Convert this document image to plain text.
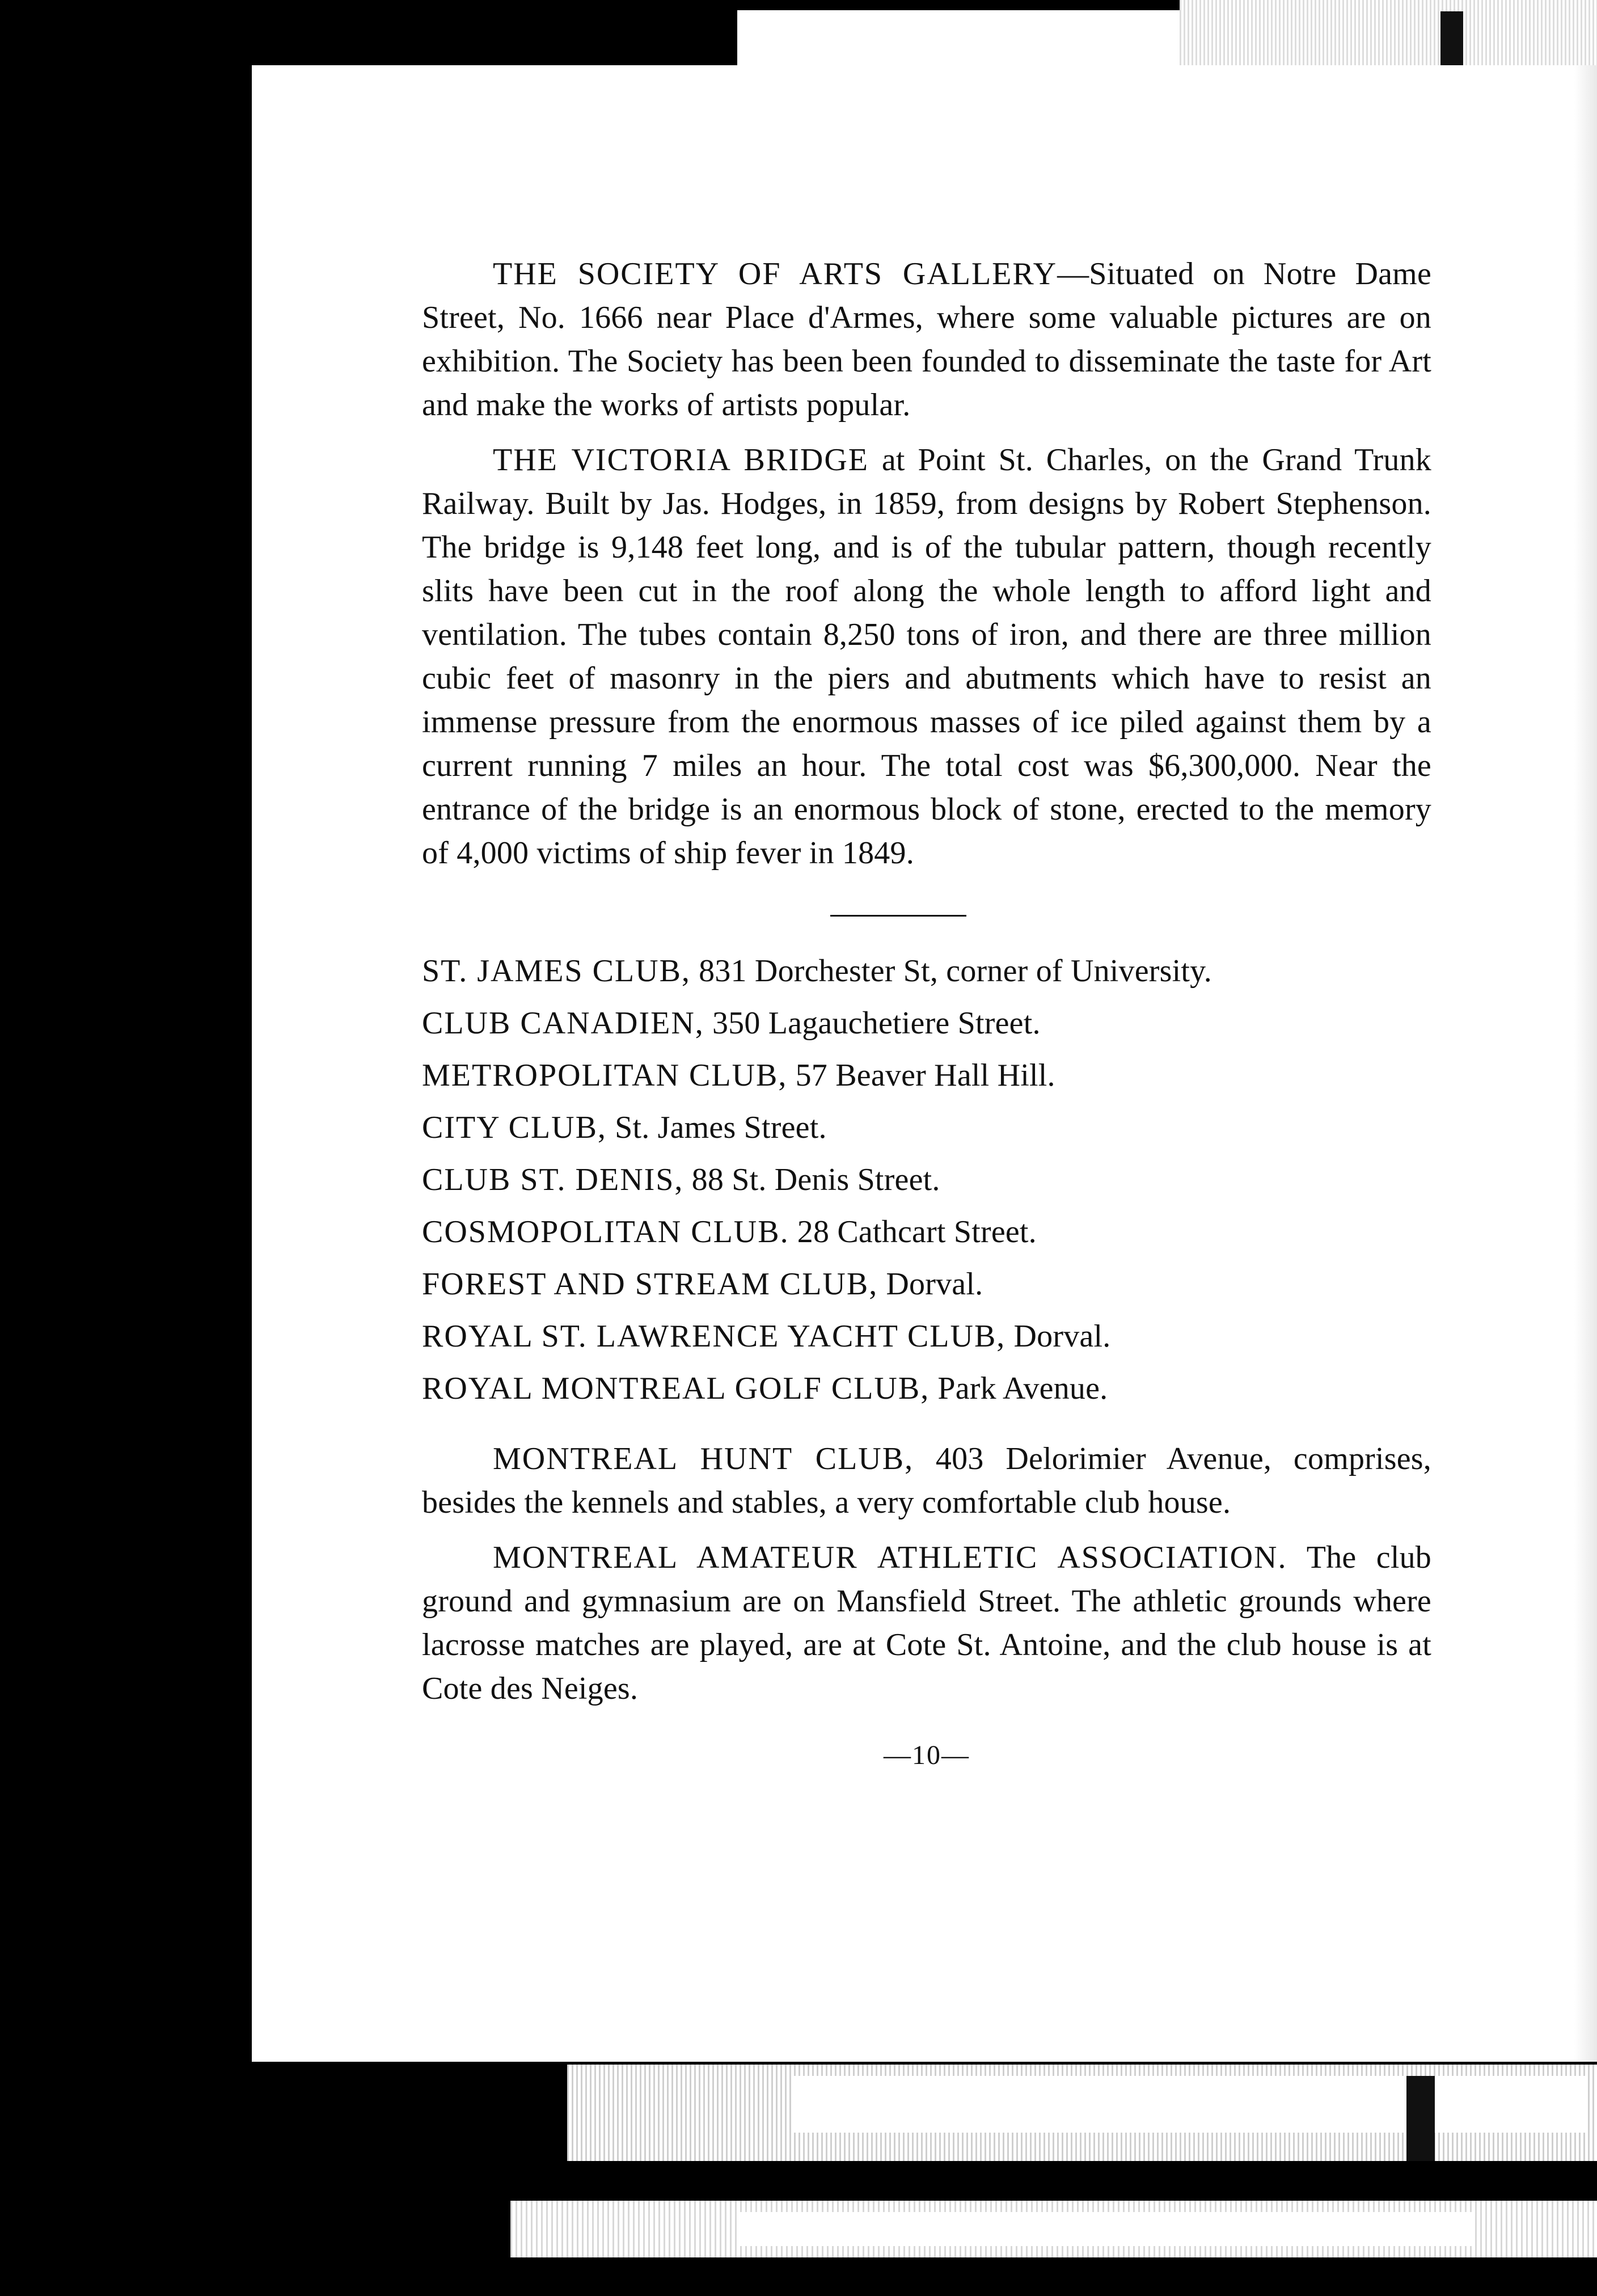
THE SOCIETY OF ARTS GALLERY—Situated on Notre Dame Street, No. 1666 near Place d'Armes, where some valuable pictures are on exhibition. The Society has been been founded to disseminate the taste for Art and make the works of artists popular.

THE VICTORIA BRIDGE at Point St. Charles, on the Grand Trunk Railway. Built by Jas. Hodges, in 1859, from designs by Robert Stephenson. The bridge is 9,148 feet long, and is of the tubular pattern, though recently slits have been cut in the roof along the whole length to afford light and ventilation. The tubes contain 8,250 tons of iron, and there are three million cubic feet of masonry in the piers and abutments which have to resist an immense pressure from the enormous masses of ice piled against them by a current running 7 miles an hour. The total cost was $6,300,000. Near the entrance of the bridge is an enormous block of stone, erected to the memory of 4,000 victims of ship fever in 1849.

ST. JAMES CLUB, 831 Dorchester St, corner of University.
CLUB CANADIEN, 350 Lagauchetiere Street.
METROPOLITAN CLUB, 57 Beaver Hall Hill.
CITY CLUB, St. James Street.
CLUB ST. DENIS, 88 St. Denis Street.
COSMOPOLITAN CLUB. 28 Cathcart Street.
FOREST AND STREAM CLUB, Dorval.
ROYAL ST. LAWRENCE YACHT CLUB, Dorval.
ROYAL MONTREAL GOLF CLUB, Park Avenue.

MONTREAL HUNT CLUB, 403 Delorimier Avenue, comprises, besides the kennels and stables, a very comfortable club house.

MONTREAL AMATEUR ATHLETIC ASSOCIATION. The club ground and gymnasium are on Mansfield Street. The athletic grounds where lacrosse matches are played, are at Cote St. Antoine, and the club house is at Cote des Neiges.

—10—
